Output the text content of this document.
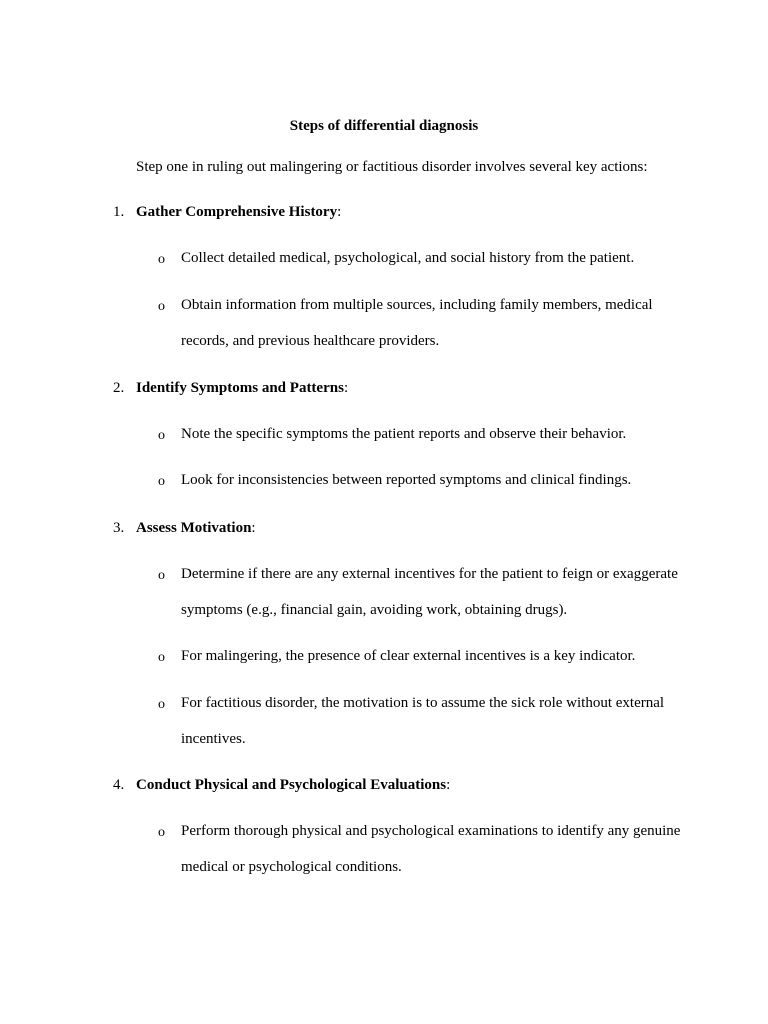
Steps of differential diagnosis
Step one in ruling out malingering or factitious disorder involves several key actions:
1. Gather Comprehensive History:
o Collect detailed medical, psychological, and social history from the patient.
o Obtain information from multiple sources, including family members, medical records, and previous healthcare providers.
2. Identify Symptoms and Patterns:
o Note the specific symptoms the patient reports and observe their behavior.
o Look for inconsistencies between reported symptoms and clinical findings.
3. Assess Motivation:
o Determine if there are any external incentives for the patient to feign or exaggerate symptoms (e.g., financial gain, avoiding work, obtaining drugs).
o For malingering, the presence of clear external incentives is a key indicator.
o For factitious disorder, the motivation is to assume the sick role without external incentives.
4. Conduct Physical and Psychological Evaluations:
o Perform thorough physical and psychological examinations to identify any genuine medical or psychological conditions.
